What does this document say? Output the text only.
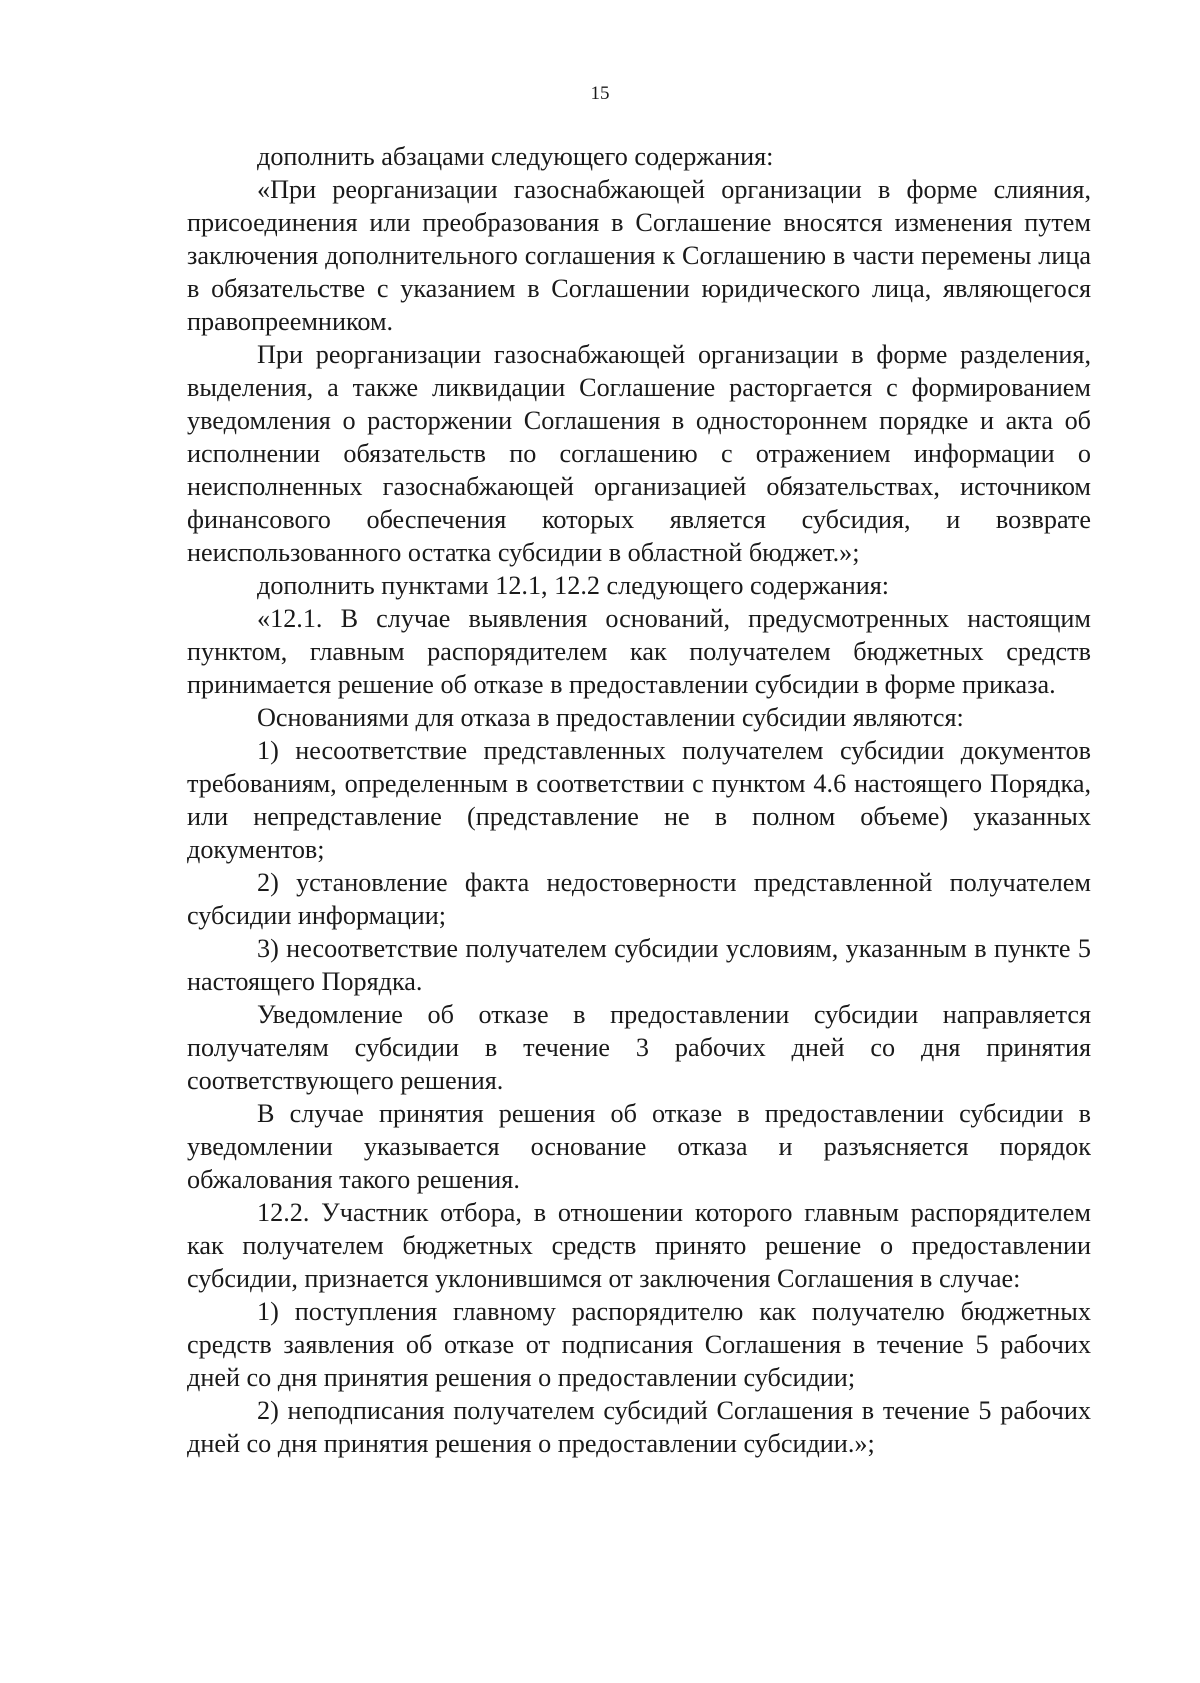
15

дополнить абзацами следующего содержания:

«При реорганизации газоснабжающей организации в форме слияния, присоединения или преобразования в Соглашение вносятся изменения путем заключения дополнительного соглашения к Соглашению в части перемены лица в обязательстве с указанием в Соглашении юридического лица, являющегося правопреемником.

При реорганизации газоснабжающей организации в форме разделения, выделения, а также ликвидации Соглашение расторгается с формированием уведомления о расторжении Соглашения в одностороннем порядке и акта об исполнении обязательств по соглашению с отражением информации о неисполненных газоснабжающей организацией обязательствах, источником финансового обеспечения которых является субсидия, и возврате неиспользованного остатка субсидии в областной бюджет.»;

дополнить пунктами 12.1, 12.2 следующего содержания:

«12.1. В случае выявления оснований, предусмотренных настоящим пунктом, главным распорядителем как получателем бюджетных средств принимается решение об отказе в предоставлении субсидии в форме приказа.

Основаниями для отказа в предоставлении субсидии являются:

1) несоответствие представленных получателем субсидии документов требованиям, определенным в соответствии с пунктом 4.6 настоящего Порядка, или непредставление (представление не в полном объеме) указанных документов;

2) установление факта недостоверности представленной получателем субсидии информации;

3) несоответствие получателем субсидии условиям, указанным в пункте 5 настоящего Порядка.

Уведомление об отказе в предоставлении субсидии направляется получателям субсидии в течение 3 рабочих дней со дня принятия соответствующего решения.

В случае принятия решения об отказе в предоставлении субсидии в уведомлении указывается основание отказа и разъясняется порядок обжалования такого решения.

12.2. Участник отбора, в отношении которого главным распорядителем как получателем бюджетных средств принято решение о предоставлении субсидии, признается уклонившимся от заключения Соглашения в случае:

1) поступления главному распорядителю как получателю бюджетных средств заявления об отказе от подписания Соглашения в течение 5 рабочих дней со дня принятия решения о предоставлении субсидии;

2) неподписания получателем субсидий Соглашения в течение 5 рабочих дней со дня принятия решения о предоставлении субсидии.»;
